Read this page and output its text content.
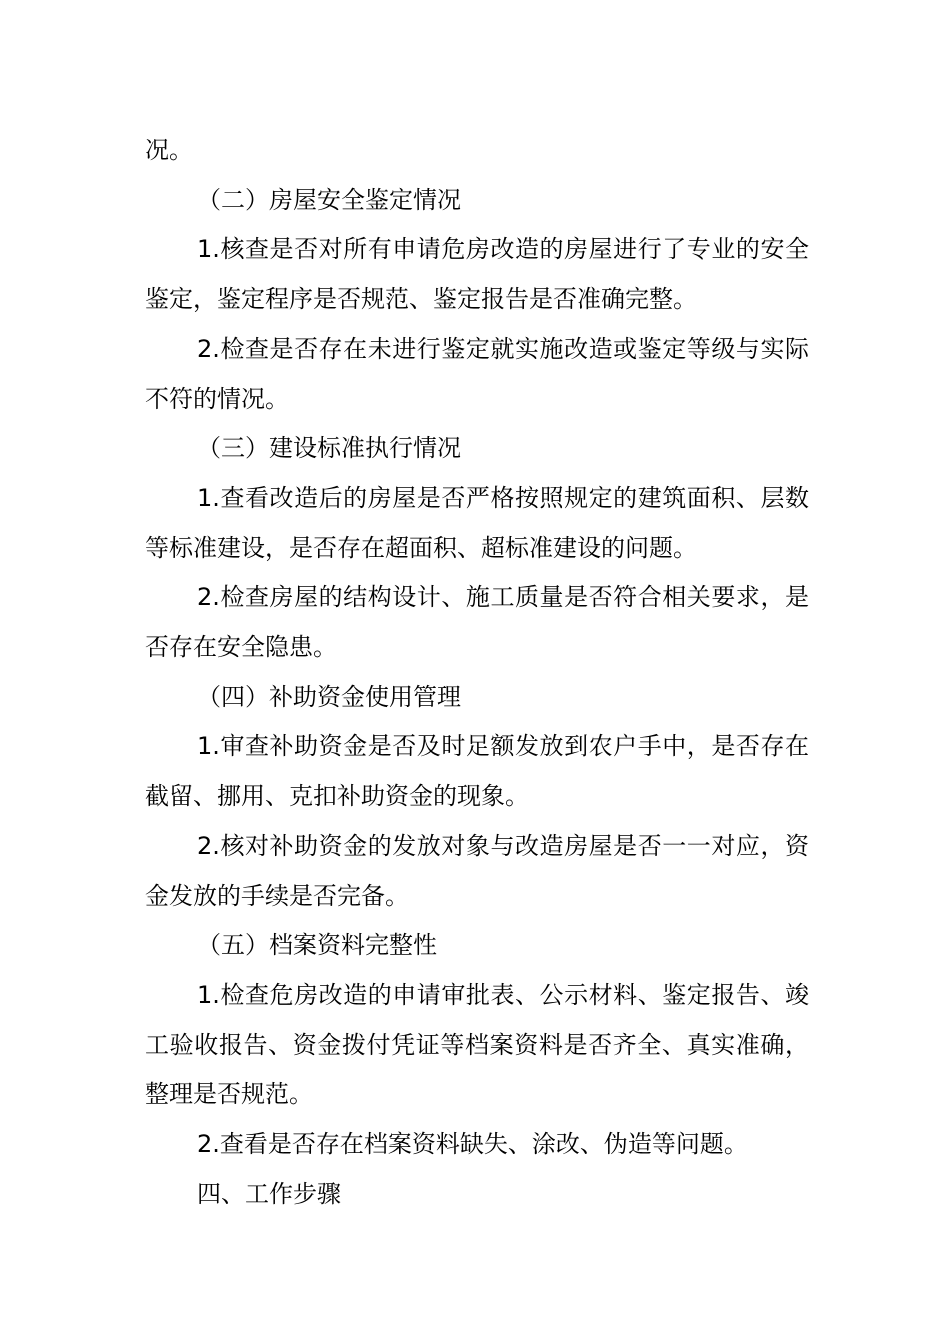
况。

（二）房屋安全鉴定情况

1.核查是否对所有申请危房改造的房屋进行了专业的安全鉴定，鉴定程序是否规范、鉴定报告是否准确完整。

2.检查是否存在未进行鉴定就实施改造或鉴定等级与实际不符的情况。

（三）建设标准执行情况

1.查看改造后的房屋是否严格按照规定的建筑面积、层数等标准建设，是否存在超面积、超标准建设的问题。

2.检查房屋的结构设计、施工质量是否符合相关要求，是否存在安全隐患。

（四）补助资金使用管理

1.审查补助资金是否及时足额发放到农户手中，是否存在截留、挪用、克扣补助资金的现象。

2.核对补助资金的发放对象与改造房屋是否一一对应，资金发放的手续是否完备。

（五）档案资料完整性

1.检查危房改造的申请审批表、公示材料、鉴定报告、竣工验收报告、资金拨付凭证等档案资料是否齐全、真实准确，整理是否规范。

2.查看是否存在档案资料缺失、涂改、伪造等问题。

四、工作步骤
